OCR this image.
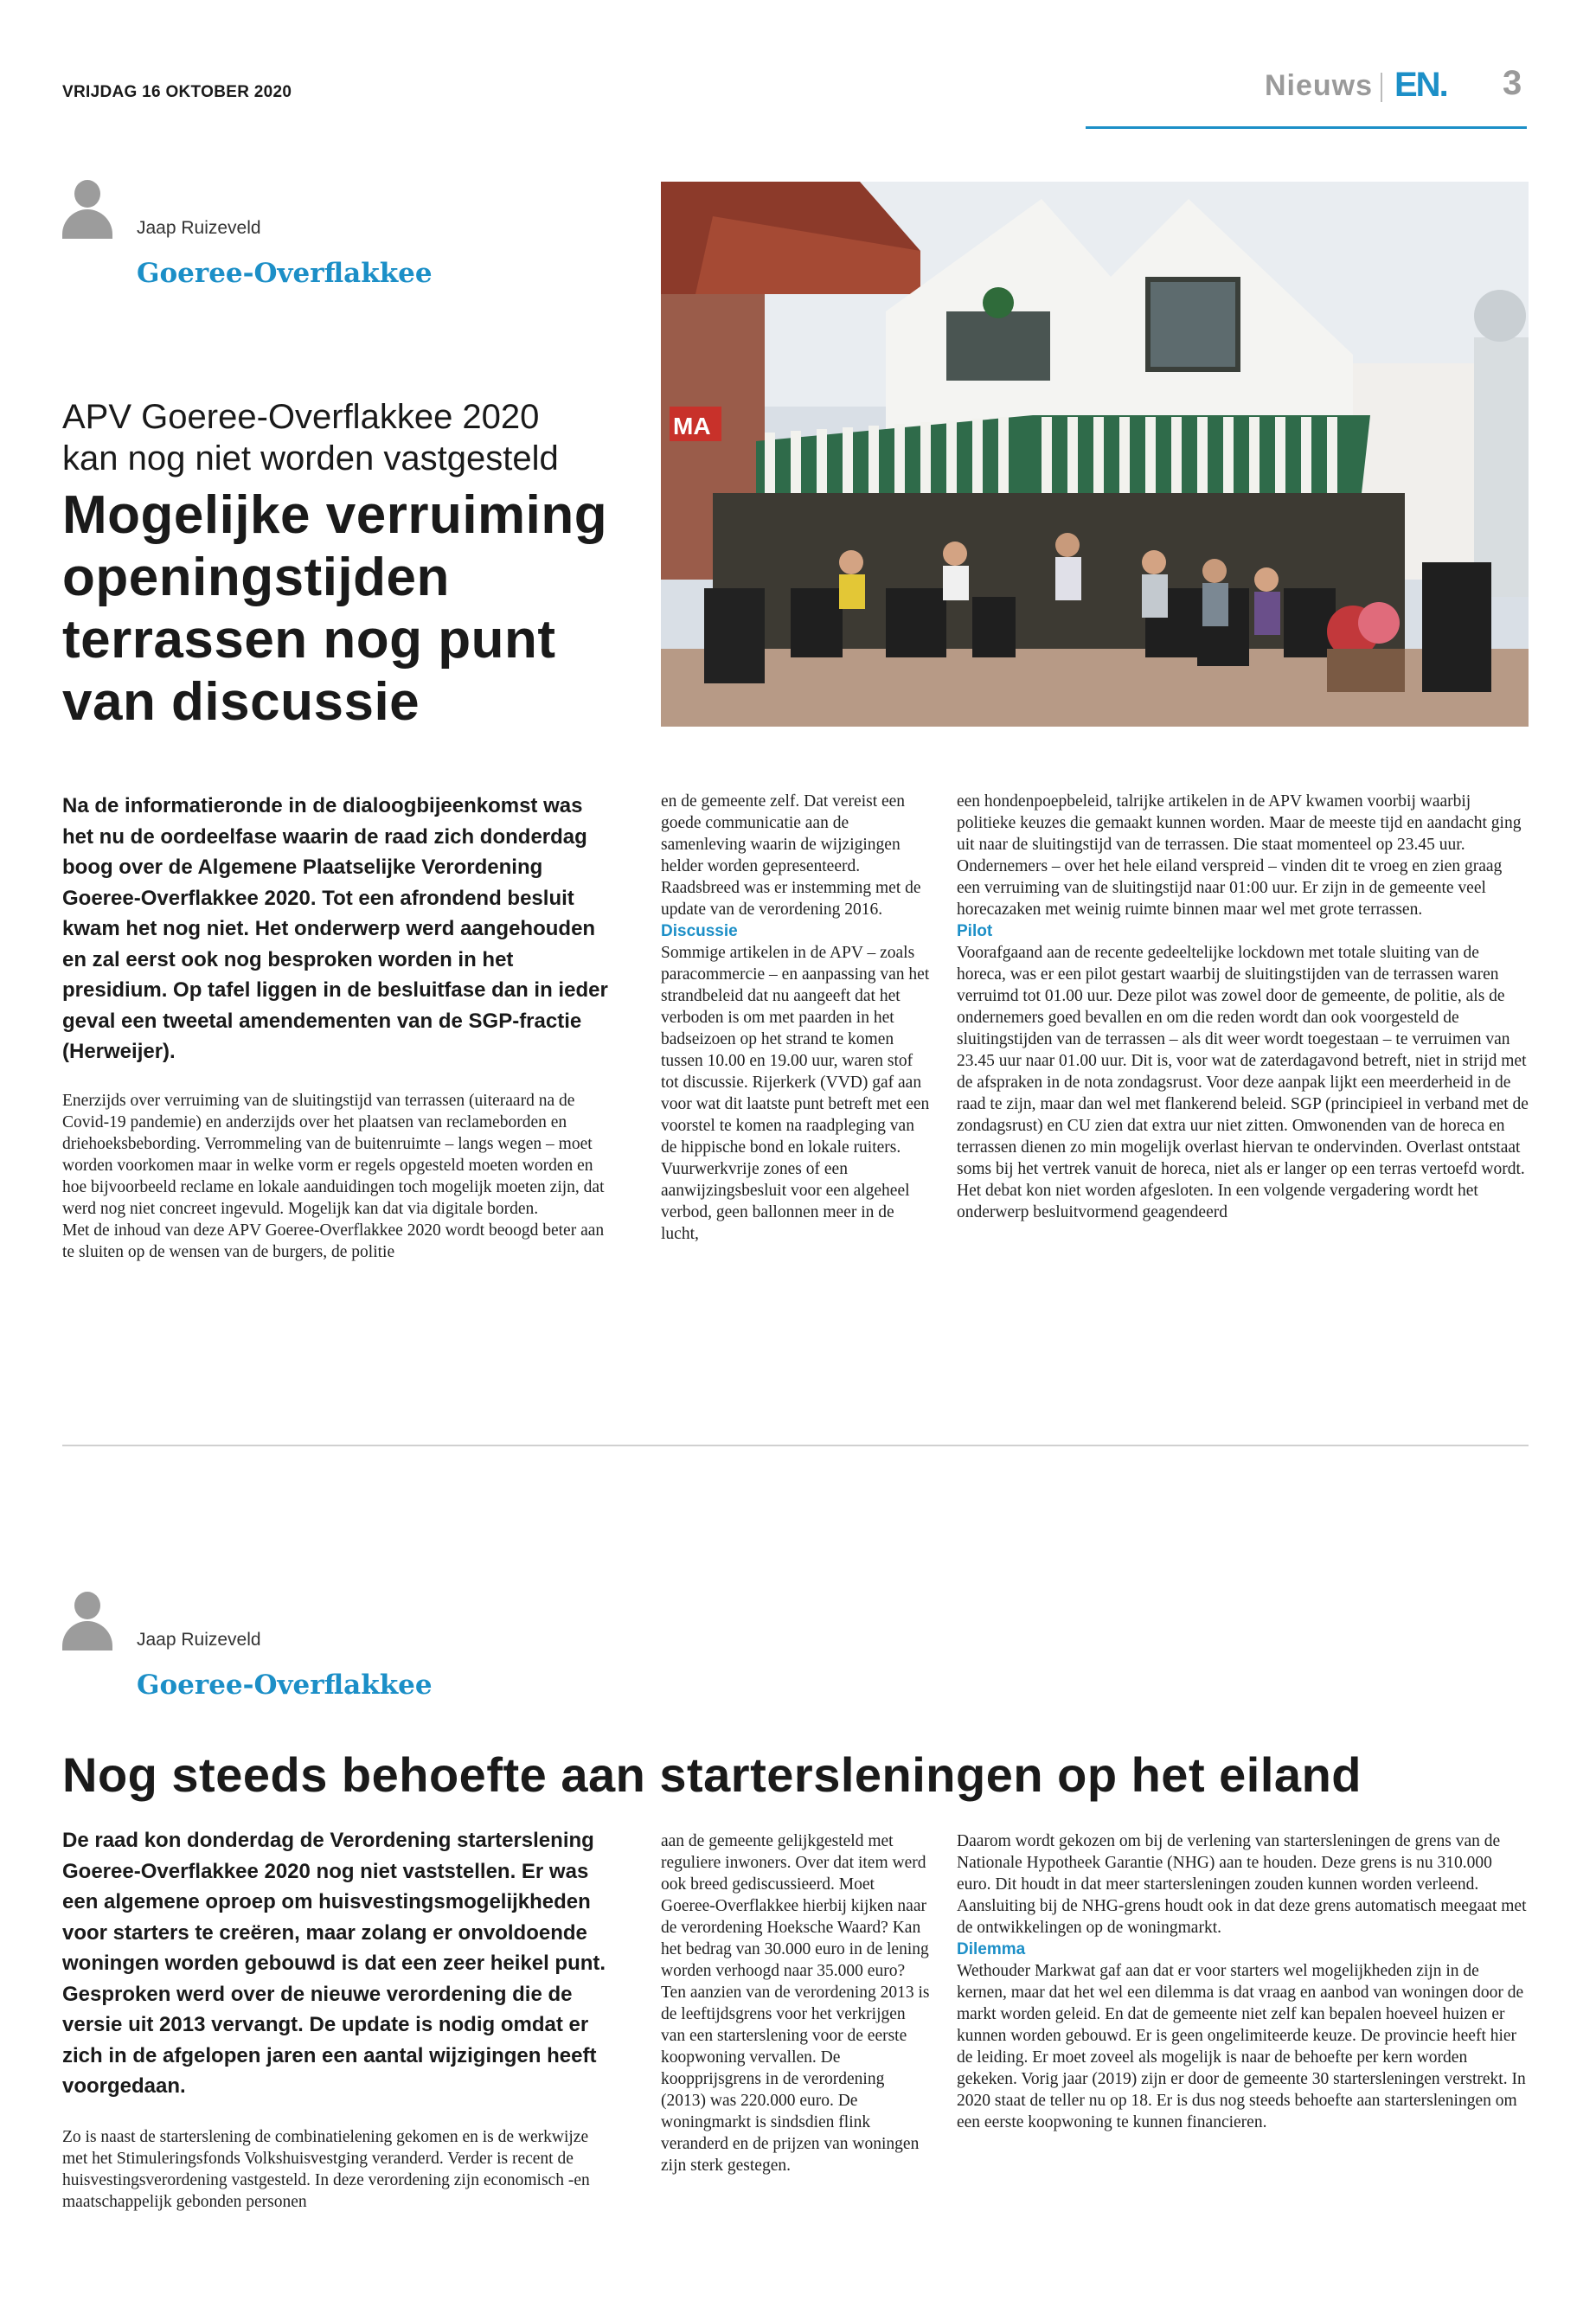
VRIJDAG 16 OKTOBER 2020	Nieuws EN. 3
Jaap Ruizeveld
Goeree-Overflakkee
APV Goeree-Overflakkee 2020
kan nog niet worden vastgesteld
Mogelijke verruiming
openingstijden
terrassen nog punt
van discussie
MA
Na de informatieronde in de dialoogbijeenkomst was het nu de oordeelfase waarin de raad zich donderdag boog over de Algemene Plaatselijke Verordening Goeree-Overflakkee 2020. Tot een afrondend besluit kwam het nog niet. Het onderwerp werd aangehouden en zal eerst ook nog besproken worden in het presidium. Op tafel liggen in de besluitfase dan in ieder geval een tweetal amendementen van de SGP-fractie (Herweijer).

Enerzijds over verruiming van de sluitingstijd van terrassen (uiteraard na de Covid-19 pandemie) en anderzijds over het plaatsen van reclameborden en driehoeksbebording. Verrommeling van de buitenruimte – langs wegen – moet worden voorkomen maar in welke vorm er regels opgesteld moeten worden en hoe bijvoorbeeld reclame en lokale aanduidingen toch mogelijk moeten zijn, dat werd nog niet concreet ingevuld. Mogelijk kan dat via digitale borden.

Met de inhoud van deze APV Goeree-Overflakkee 2020 wordt beoogd beter aan te sluiten op de wensen van de burgers, de politie

en de gemeente zelf. Dat vereist een goede communicatie aan de samenleving waarin de wijzigingen helder worden gepresenteerd. Raadsbreed was er instemming met de update van de verordening 2016.

Discussie

Sommige artikelen in de APV – zoals paracommercie – en aanpassing van het strandbeleid dat nu aangeeft dat het verboden is om met paarden in het badseizoen op het strand te komen tussen 10.00 en 19.00 uur, waren stof tot discussie. Rijerkerk (VVD) gaf aan voor wat dit laatste punt betreft met een voorstel te komen na raadpleging van de hippische bond en lokale ruiters. Vuurwerkvrije zones of een aanwijzingsbesluit voor een algeheel verbod, geen ballonnen meer in de lucht,

een hondenpoepbeleid, talrijke artikelen in de APV kwamen voorbij waarbij politieke keuzes die gemaakt kunnen worden. Maar de meeste tijd en aandacht ging uit naar de sluitingstijd van de terrassen. Die staat momenteel op 23.45 uur. Ondernemers – over het hele eiland verspreid – vinden dit te vroeg en zien graag een verruiming van de sluitingstijd naar 01:00 uur. Er zijn in de gemeente veel horecazaken met weinig ruimte binnen maar wel met grote terrassen.

Pilot

Voorafgaand aan de recente gedeeltelijke lockdown met totale sluiting van de horeca, was er een pilot gestart waarbij de sluitingstijden van de terrassen waren verruimd tot 01.00 uur. Deze pilot was zowel door de gemeente, de politie, als de ondernemers goed bevallen en om die reden wordt dan ook voorgesteld de sluitingstijden van de terrassen – als dit weer wordt toegestaan – te verruimen van 23.45 uur naar 01.00 uur. Dit is, voor wat de zaterdagavond betreft, niet in strijd met de afspraken in de nota zondagsrust. Voor deze aanpak lijkt een meerderheid in de raad te zijn, maar dan wel met flankerend beleid. SGP (principieel in verband met de zondagsrust) en CU zien dat extra uur niet zitten. Omwonenden van de horeca en terrassen dienen zo min mogelijk overlast hiervan te ondervinden. Overlast ontstaat soms bij het vertrek vanuit de horeca, niet als er langer op een terras vertoefd wordt. Het debat kon niet worden afgesloten. In een volgende vergadering wordt het onderwerp besluitvormend geagendeerd

Jaap Ruizeveld
Goeree-Overflakkee
Nog steeds behoefte aan startersleningen op het eiland
De raad kon donderdag de Verordening starterslening Goeree-Overflakkee 2020 nog niet vaststellen. Er was een algemene oproep om huisvestingsmogelijkheden voor starters te creëren, maar zolang er onvoldoende woningen worden gebouwd is dat een zeer heikel punt. Gesproken werd over de nieuwe verordening die de versie uit 2013 vervangt. De update is nodig omdat er zich in de afgelopen jaren een aantal wijzigingen heeft voorgedaan.

Zo is naast de starterslening de combinatielening gekomen en is de werkwijze met het Stimuleringsfonds Volkshuisvestging veranderd. Verder is recent de huisvestingsverordening vastgesteld. In deze verordening zijn economisch -en maatschappelijk gebonden personen

aan de gemeente gelijkgesteld met reguliere inwoners. Over dat item werd ook breed gediscussieerd. Moet Goeree-Overflakkee hierbij kijken naar de verordening Hoeksche Waard? Kan het bedrag van 30.000 euro in de lening worden verhoogd naar 35.000 euro? Ten aanzien van de verordening 2013 is de leeftijdsgrens voor het verkrijgen van een starterslening voor de eerste koopwoning vervallen. De koopprijsgrens in de verordening (2013) was 220.000 euro. De woningmarkt is sindsdien flink veranderd en de prijzen van woningen zijn sterk gestegen.

Daarom wordt gekozen om bij de verlening van startersleningen de grens van de Nationale Hypotheek Garantie (NHG) aan te houden. Deze grens is nu 310.000 euro. Dit houdt in dat meer startersleningen zouden kunnen worden verleend. Aansluiting bij de NHG-grens houdt ook in dat deze grens automatisch meegaat met de ontwikkelingen op de woningmarkt.

Dilemma

Wethouder Markwat gaf aan dat er voor starters wel mogelijkheden zijn in de kernen, maar dat het wel een dilemma is dat vraag en aanbod van woningen door de markt worden geleid. En dat de gemeente niet zelf kan bepalen hoeveel huizen er kunnen worden gebouwd. Er is geen ongelimiteerde keuze. De provincie heeft hier de leiding. Er moet zoveel als mogelijk is naar de behoefte per kern worden gekeken. Vorig jaar (2019) zijn er door de gemeente 30 startersleningen verstrekt. In 2020 staat de teller nu op 18. Er is dus nog steeds behoefte aan startersleningen om een eerste koopwoning te kunnen financieren.
